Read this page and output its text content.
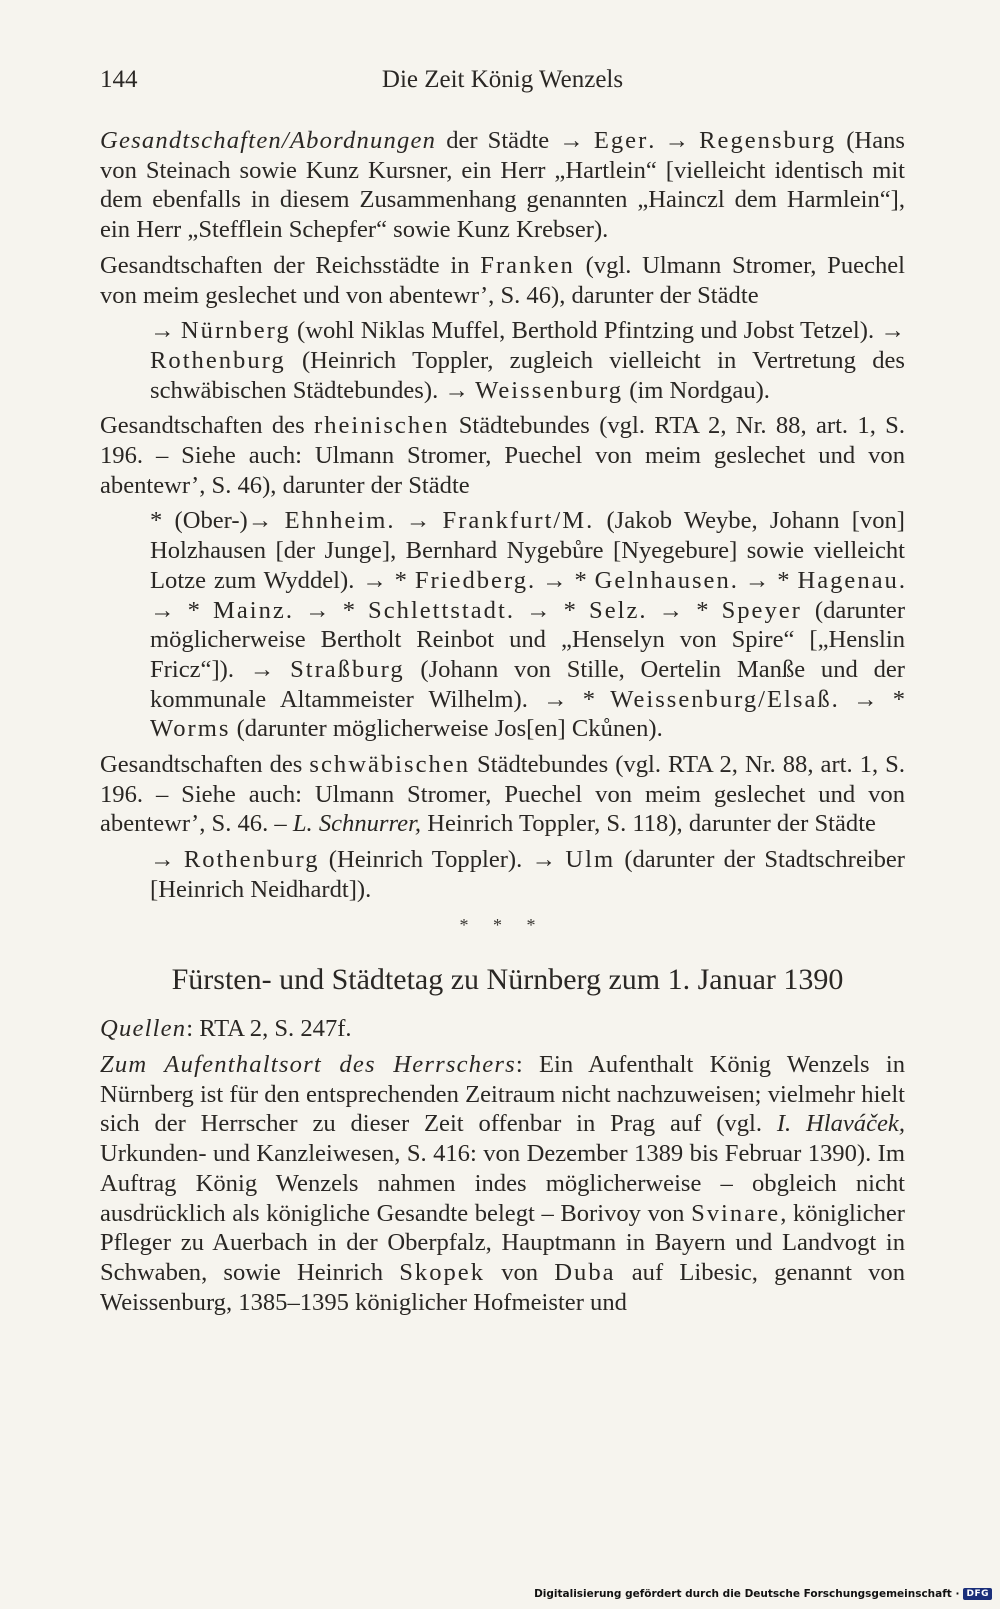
144	Die Zeit König Wenzels

Gesandtschaften/Abordnungen der Städte → Eger. → Regensburg (Hans von Steinach sowie Kunz Kursner, ein Herr „Hartlein“ [vielleicht identisch mit dem ebenfalls in diesem Zusammenhang genannten „Hainczl dem Harmlein“], ein Herr „Stefflein Schepfer“ sowie Kunz Krebser).

Gesandtschaften der Reichsstädte in Franken (vgl. Ulmann Stromer, Puechel von meim geslechet und von abentewr’, S. 46), darunter der Städte

→ Nürnberg (wohl Niklas Muffel, Berthold Pfintzing und Jobst Tetzel). → Rothenburg (Heinrich Toppler, zugleich vielleicht in Vertretung des schwäbischen Städtebundes). → Weissenburg (im Nordgau).

Gesandtschaften des rheinischen Städtebundes (vgl. RTA 2, Nr. 88, art. 1, S. 196. – Siehe auch: Ulmann Stromer, Puechel von meim geslechet und von abentewr’, S. 46), darunter der Städte

* (Ober-)→ Ehnheim. → Frankfurt/M. (Jakob Weybe, Johann [von] Holzhausen [der Junge], Bernhard Nygebůre [Nyegebure] sowie vielleicht Lotze zum Wyddel). → * Friedberg. → * Gelnhausen. → * Hagenau. → * Mainz. → * Schlettstadt. → * Selz. → * Speyer (darunter möglicherweise Bertholt Reinbot und „Henselyn von Spire“ [„Henslin Fricz“]). → Straßburg (Johann von Stille, Oertelin Manße und der kommunale Altammeister Wilhelm). → * Weissenburg/Elsaß. → * Worms (darunter möglicherweise Jos[en] Ckůnen).

Gesandtschaften des schwäbischen Städtebundes (vgl. RTA 2, Nr. 88, art. 1, S. 196. – Siehe auch: Ulmann Stromer, Puechel von meim geslechet und von abentewr’, S. 46. – L. Schnurrer, Heinrich Toppler, S. 118), darunter der Städte

→ Rothenburg (Heinrich Toppler). → Ulm (darunter der Stadtschreiber [Heinrich Neidhardt]).

* * *
Fürsten- und Städtetag zu Nürnberg zum 1. Januar 1390

Quellen: RTA 2, S. 247f.

Zum Aufenthaltsort des Herrschers: Ein Aufenthalt König Wenzels in Nürnberg ist für den entsprechenden Zeitraum nicht nachzuweisen; vielmehr hielt sich der Herrscher zu dieser Zeit offenbar in Prag auf (vgl. I. Hlaváček, Urkunden- und Kanzleiwesen, S. 416: von Dezember 1389 bis Februar 1390). Im Auftrag König Wenzels nahmen indes möglicherweise – obgleich nicht ausdrücklich als königliche Gesandte belegt – Borivoy von Svinare, königlicher Pfleger zu Auerbach in der Oberpfalz, Hauptmann in Bayern und Landvogt in Schwaben, sowie Heinrich Skopek von Duba auf Libesic, genannt von Weissenburg, 1385–1395 königlicher Hofmeister und

Digitalisierung gefördert durch die Deutsche Forschungsgemeinschaft · DFG
